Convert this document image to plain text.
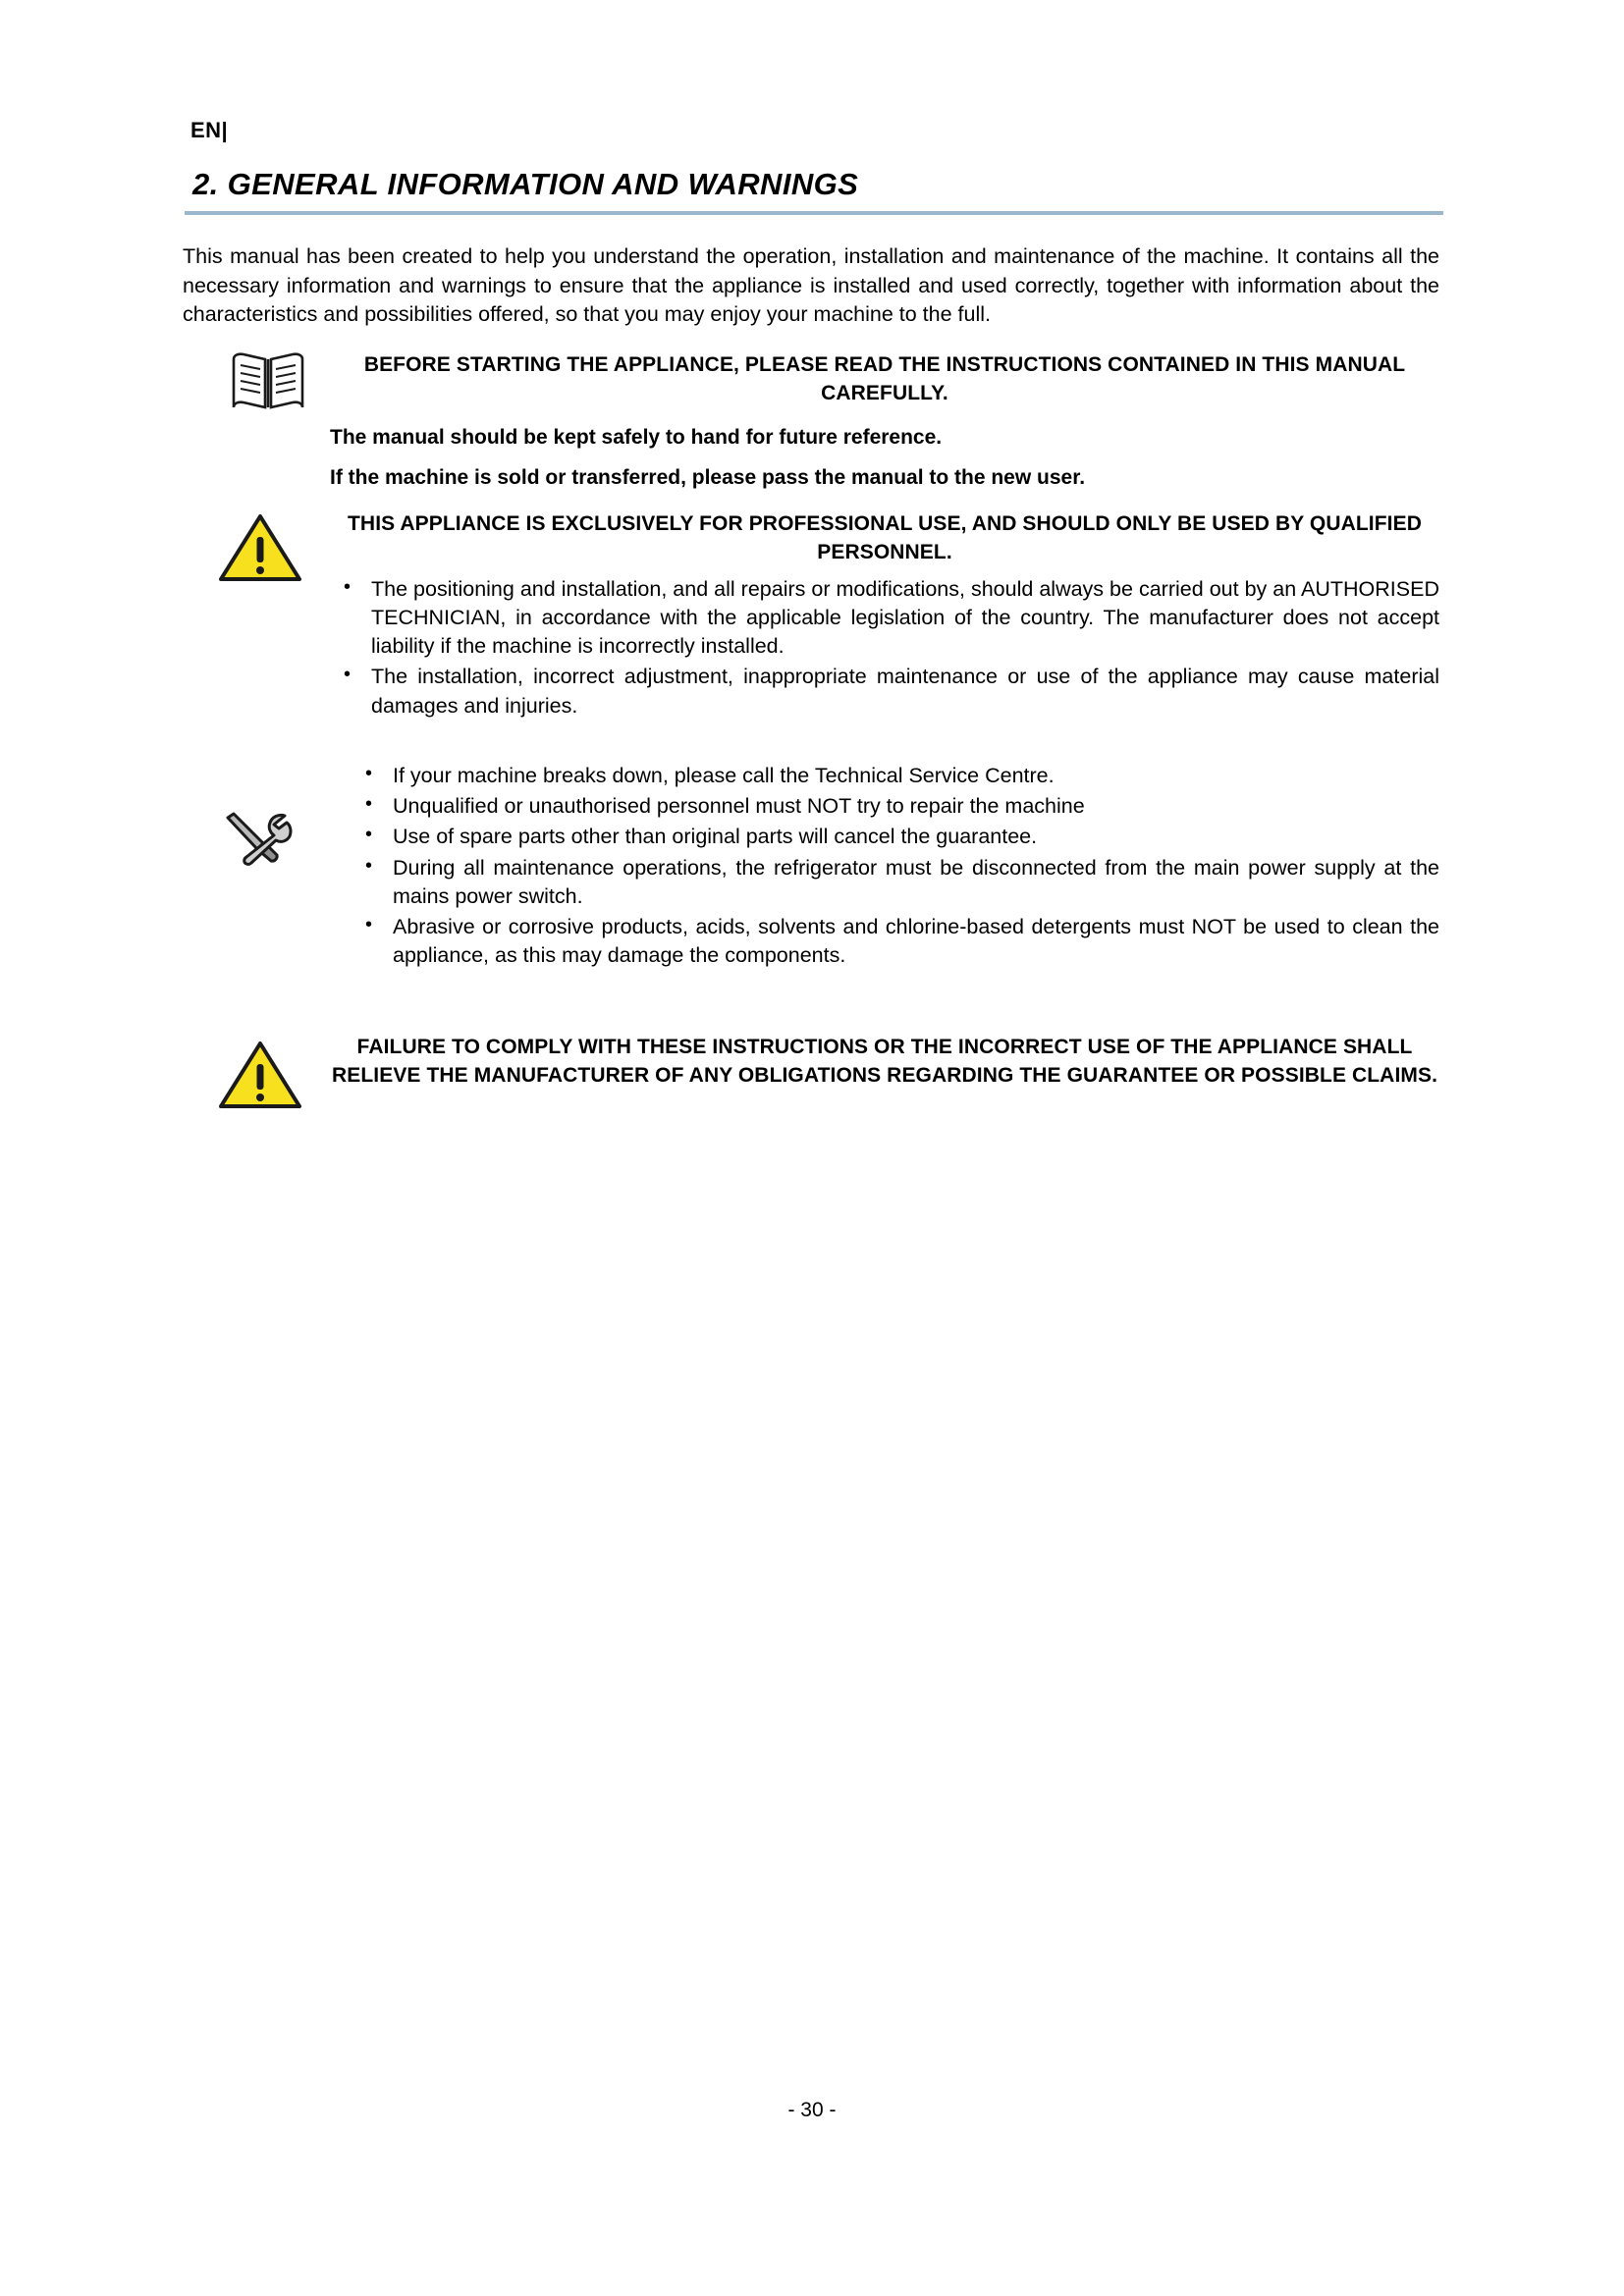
EN|
2. GENERAL INFORMATION AND WARNINGS

This manual has been created to help you understand the operation, installation and maintenance of the machine. It contains all the necessary information and warnings to ensure that the appliance is installed and used correctly, together with information about the characteristics and possibilities offered, so that you may enjoy your machine to the full.

BEFORE STARTING THE APPLIANCE, PLEASE READ THE INSTRUCTIONS CONTAINED IN THIS MANUAL CAREFULLY.
The manual should be kept safely to hand for future reference.
If the machine is sold or transferred, please pass the manual to the new user.
THIS APPLIANCE IS EXCLUSIVELY FOR PROFESSIONAL USE, AND SHOULD ONLY BE USED BY QUALIFIED PERSONNEL.
• The positioning and installation, and all repairs or modifications, should always be carried out by an AUTHORISED TECHNICIAN, in accordance with the applicable legislation of the country. The manufacturer does not accept liability if the machine is incorrectly installed.
• The installation, incorrect adjustment, inappropriate maintenance or use of the appliance may cause material damages and injuries.
• If your machine breaks down, please call the Technical Service Centre.
• Unqualified or unauthorised personnel must NOT try to repair the machine
• Use of spare parts other than original parts will cancel the guarantee.
• During all maintenance operations, the refrigerator must be disconnected from the main power supply at the mains power switch.
• Abrasive or corrosive products, acids, solvents and chlorine-based detergents must NOT be used to clean the appliance, as this may damage the components.
FAILURE TO COMPLY WITH THESE INSTRUCTIONS OR THE INCORRECT USE OF THE APPLIANCE SHALL RELIEVE THE MANUFACTURER OF ANY OBLIGATIONS REGARDING THE GUARANTEE OR POSSIBLE CLAIMS.
- 30 -
